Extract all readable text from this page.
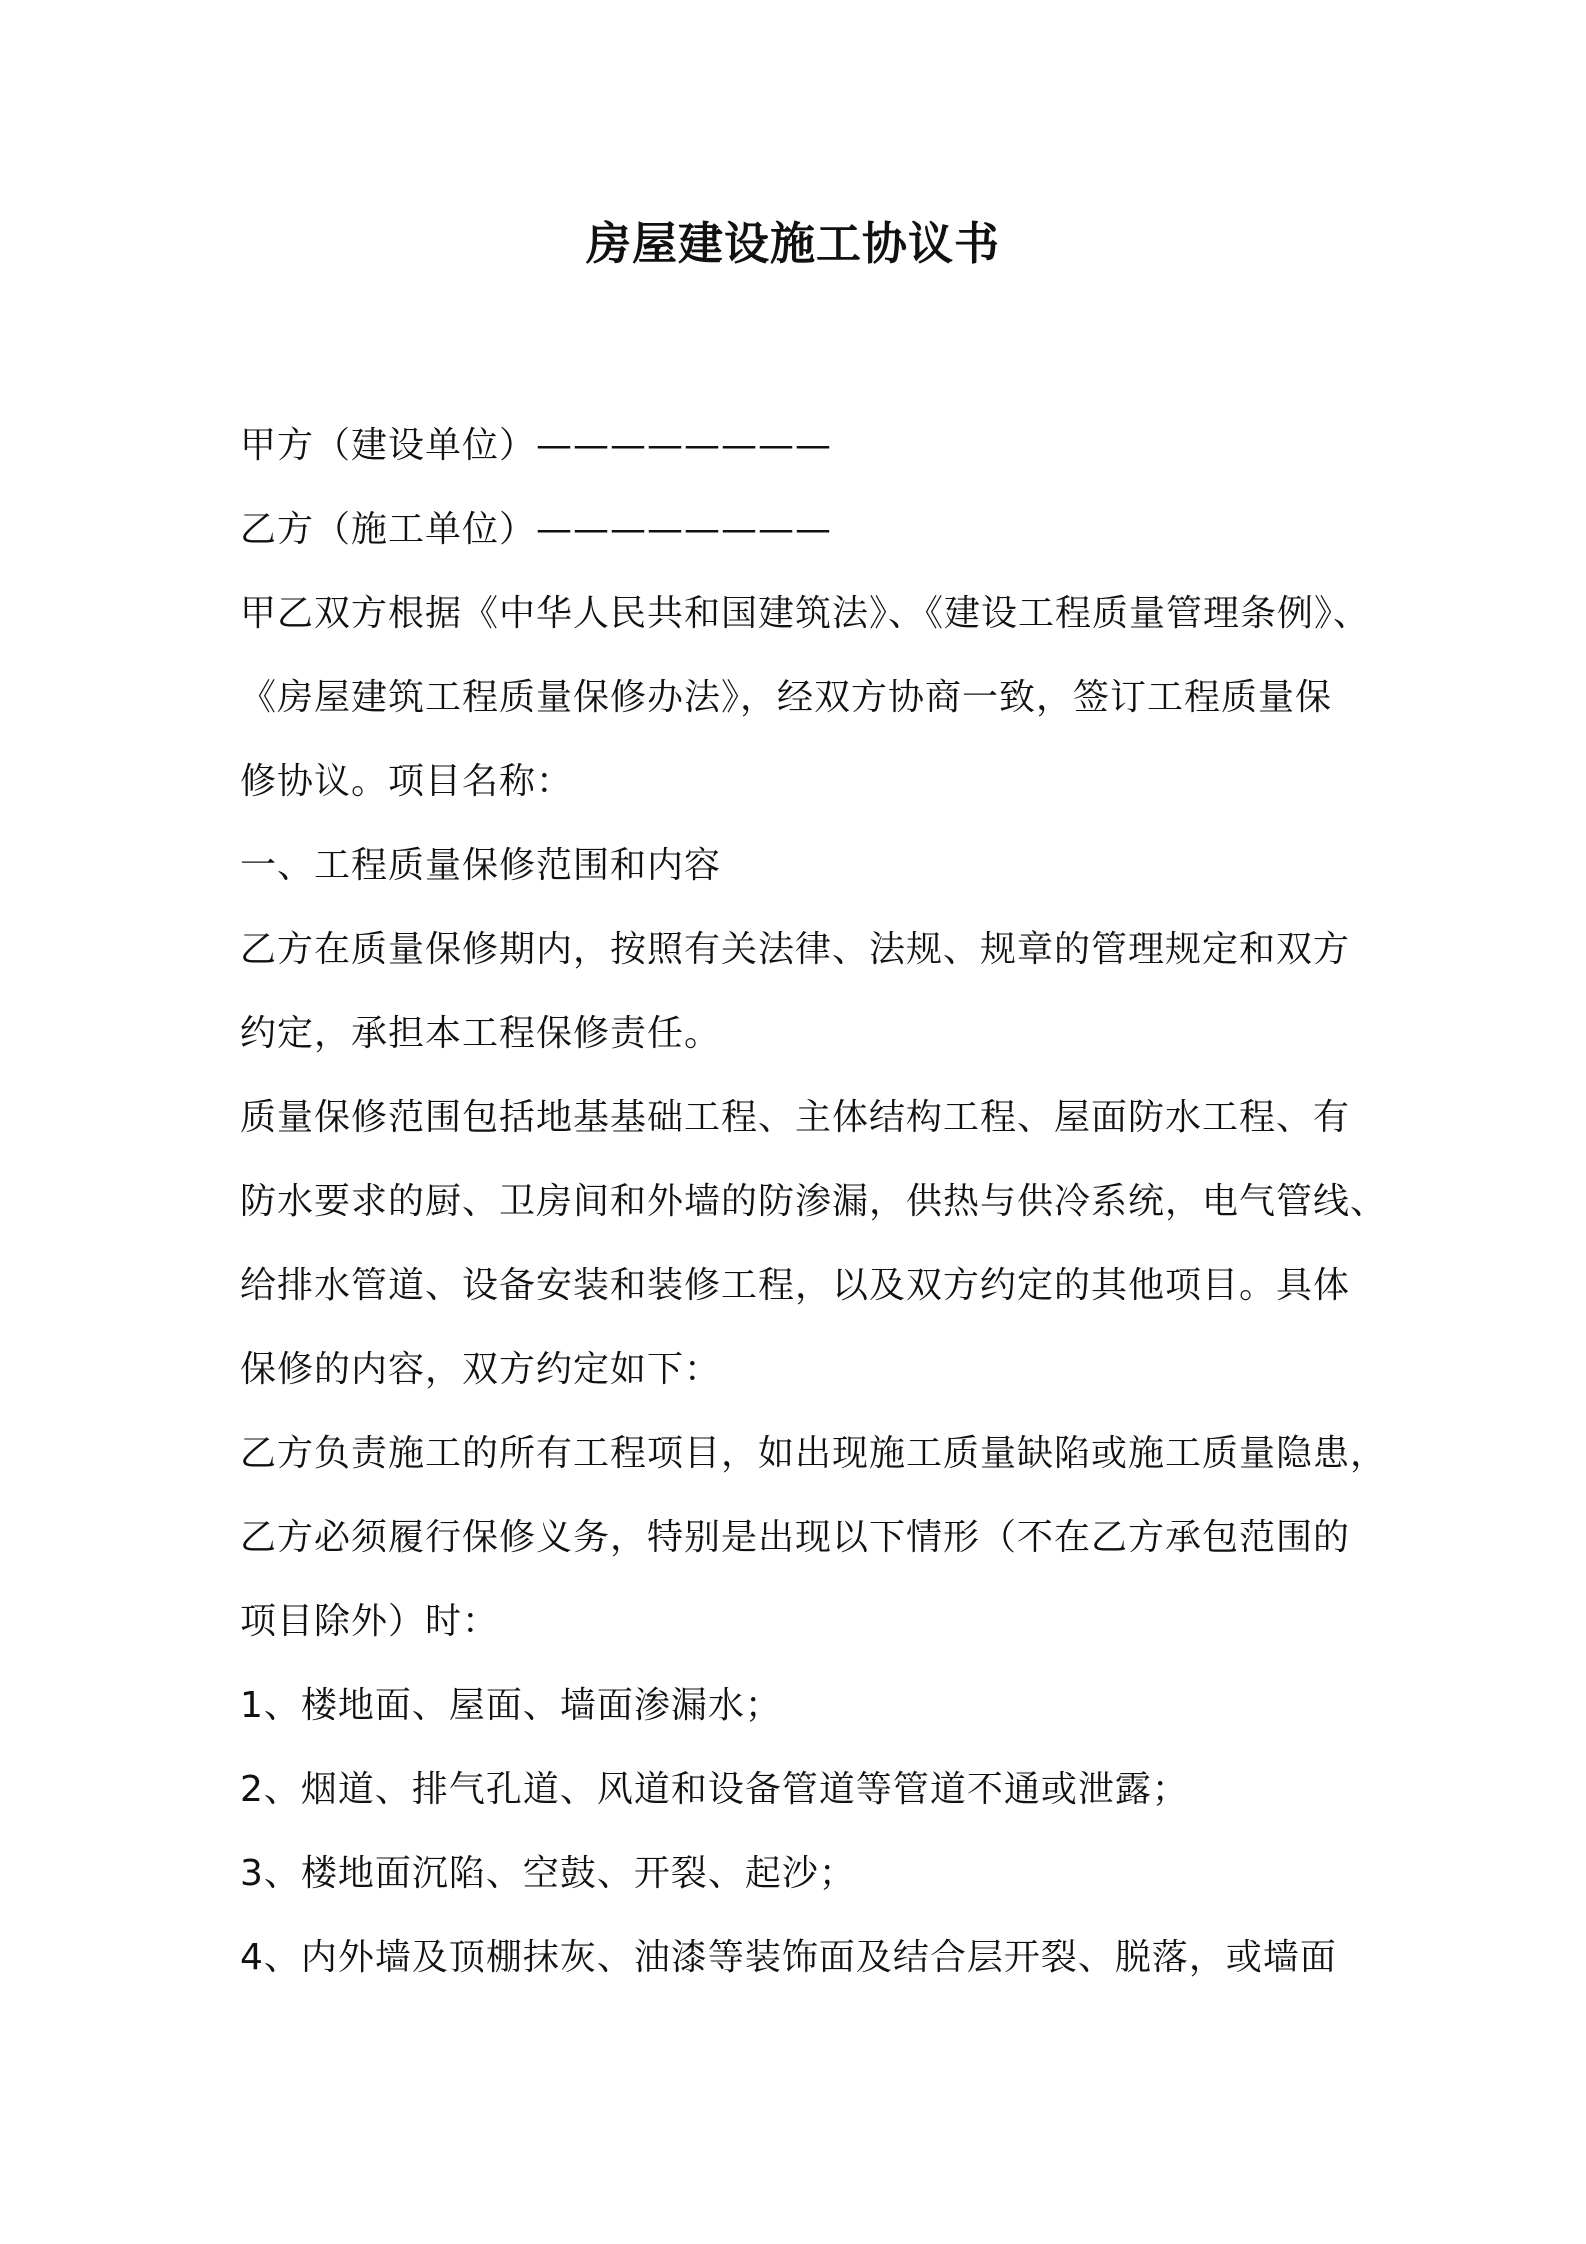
房屋建设施工协议书
甲方（建设单位）————————
乙方（施工单位）————————
甲乙双方根据《中华人民共和国建筑法》、《建设工程质量管理条例》、
《房屋建筑工程质量保修办法》，经双方协商一致，签订工程质量保
修协议。项目名称：
一、工程质量保修范围和内容
乙方在质量保修期内，按照有关法律、法规、规章的管理规定和双方
约定，承担本工程保修责任。
质量保修范围包括地基基础工程、主体结构工程、屋面防水工程、有
防水要求的厨、卫房间和外墙的防渗漏，供热与供冷系统，电气管线、
给排水管道、设备安装和装修工程，以及双方约定的其他项目。具体
保修的内容，双方约定如下：
乙方负责施工的所有工程项目，如出现施工质量缺陷或施工质量隐患，
乙方必须履行保修义务，特别是出现以下情形（不在乙方承包范围的
项目除外）时：
1、楼地面、屋面、墙面渗漏水；
2、烟道、排气孔道、风道和设备管道等管道不通或泄露；
3、楼地面沉陷、空鼓、开裂、起沙；
4、内外墙及顶棚抹灰、油漆等装饰面及结合层开裂、脱落，或墙面
